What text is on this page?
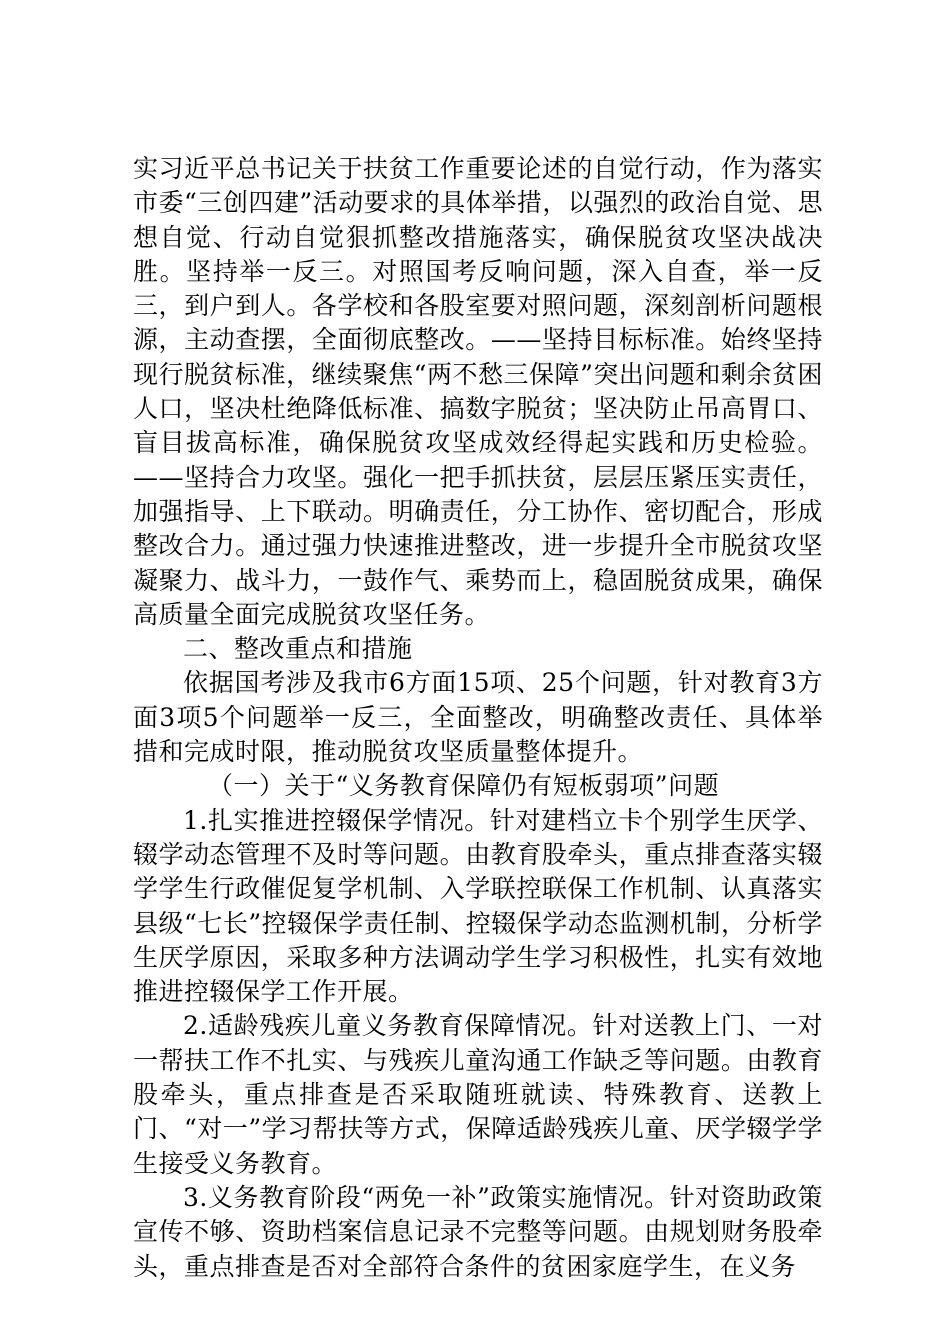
实习近平总书记关于扶贫工作重要论述的自觉行动，作为落实市委“三创四建”活动要求的具体举措，以强烈的政治自觉、思想自觉、行动自觉狠抓整改措施落实，确保脱贫攻坚决战决胜。坚持举一反三。对照国考反响问题，深入自查，举一反三，到户到人。各学校和各股室要对照问题，深刻剖析问题根源，主动查摆，全面彻底整改。——坚持目标标准。始终坚持现行脱贫标准，继续聚焦“两不愁三保障”突出问题和剩余贫困人口，坚决杜绝降低标准、搞数字脱贫；坚决防止吊高胃口、盲目拔高标准，确保脱贫攻坚成效经得起实践和历史检验。——坚持合力攻坚。强化一把手抓扶贫，层层压紧压实责任，加强指导、上下联动。明确责任，分工协作、密切配合，形成整改合力。通过强力快速推进整改，进一步提升全市脱贫攻坚凝聚力、战斗力，一鼓作气、乘势而上，稳固脱贫成果，确保高质量全面完成脱贫攻坚任务。

二、整改重点和措施

依据国考涉及我市6方面15项、25个问题，针对教育3方面3项5个问题举一反三，全面整改，明确整改责任、具体举措和完成时限，推动脱贫攻坚质量整体提升。

（一）关于“义务教育保障仍有短板弱项”问题

1.扎实推进控辍保学情况。针对建档立卡个别学生厌学、辍学动态管理不及时等问题。由教育股牵头，重点排查落实辍学学生行政催促复学机制、入学联控联保工作机制、认真落实县级“七长”控辍保学责任制、控辍保学动态监测机制，分析学生厌学原因，采取多种方法调动学生学习积极性，扎实有效地推进控辍保学工作开展。

2.适龄残疾儿童义务教育保障情况。针对送教上门、一对一帮扶工作不扎实、与残疾儿童沟通工作缺乏等问题。由教育股牵头，重点排查是否采取随班就读、特殊教育、送教上门、“对一”学习帮扶等方式，保障适龄残疾儿童、厌学辍学学生接受义务教育。

3.义务教育阶段“两免一补”政策实施情况。针对资助政策宣传不够、资助档案信息记录不完整等问题。由规划财务股牵头，重点排查是否对全部符合条件的贫困家庭学生，在义务
